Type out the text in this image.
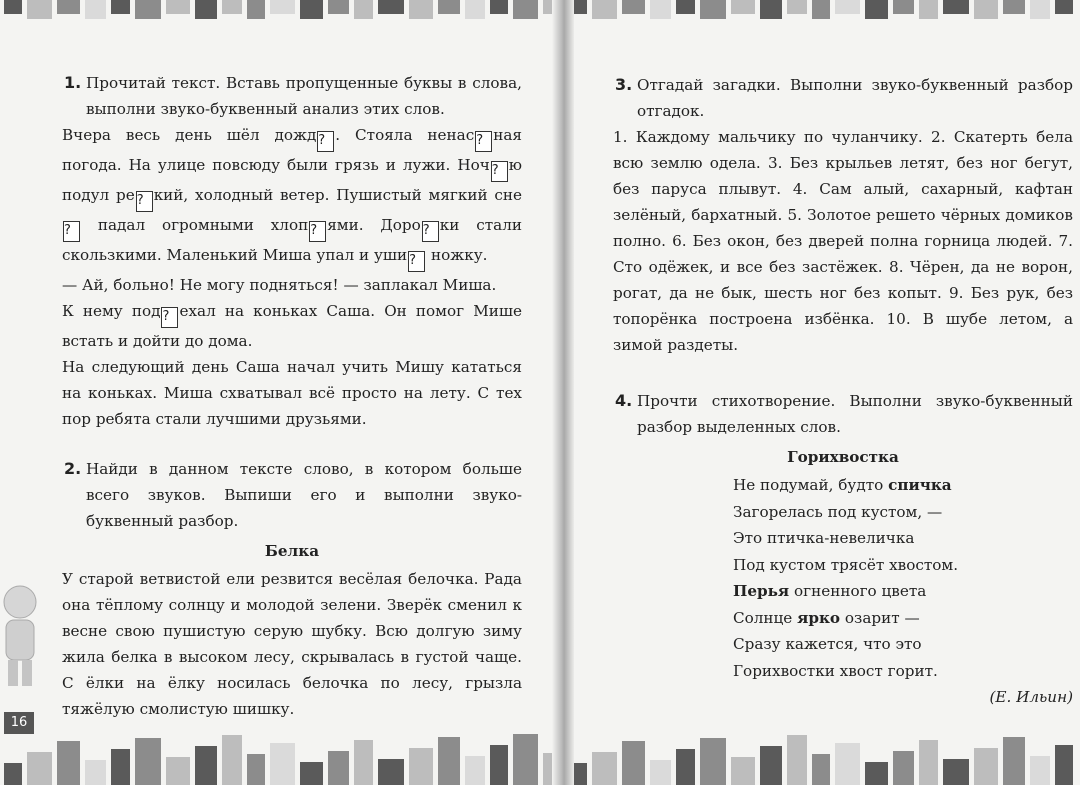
16
1. Прочитай текст. Вставь пропущенные буквы в слова, выполни звуко-буквенный анализ этих слов.

Вчера весь день шёл дожд ? . Стояла ненас ? ная погода. На улице повсюду были грязь и лужи. Ноч ? ю подул ре ? кий, холодный ветер. Пушистый мягкий сне? падал огромными хлоп ? ями. Доро ? ки стали скользкими. Маленький Миша упал и уши ? ножку.

— Ай, больно! Не могу подняться! — заплакал Миша.

К нему под ? ехал на коньках Саша. Он помог Мише встать и дойти до дома.

На следующий день Саша начал учить Мишу кататься на коньках. Миша схватывал всё просто на лету. С тех пор ребята стали лучшими друзьями.

2. Найди в данном тексте слово, в котором больше всего звуков. Выпиши его и выполни звуко-буквенный разбор.

Белка

У старой ветвистой ели резвится весёлая белочка. Рада она тёплому солнцу и молодой зелени. Зверёк сменил к весне свою пушистую серую шубку. Всю долгую зиму жила белка в высоком лесу, скрывалась в густой чаще. С ёлки на ёлку носилась белочка по лесу, грызла тяжёлую смолистую шишку.

3. Отгадай загадки. Выполни звуко-буквенный разбор отгадок.

1. Каждому мальчику по чуланчику. 2. Скатерть бела всю землю одела. 3. Без крыльев летят, без ног бегут, без паруса плывут. 4. Сам алый, сахарный, кафтан зелёный, бархатный. 5. Золотое решето чёрных домиков полно. 6. Без окон, без дверей полна горница людей. 7. Сто одёжек, и все без застёжек. 8. Чёрен, да не ворон, рогат, да не бык, шесть ног без копыт. 9. Без рук, без топорёнка построена избёнка. 10. В шубе летом, а зимой раздеты.

4. Прочти стихотворение. Выполни звуко-буквенный разбор выделенных слов.

Горихвостка
Не подумай, будто спичка
Загорелась под кустом, —
Это птичка-невеличка
Под кустом трясёт хвостом.
Перья огненного цвета
Солнце ярко озарит —
Сразу кажется, что это
Горихвостки хвост горит.
(Е. Ильин)
